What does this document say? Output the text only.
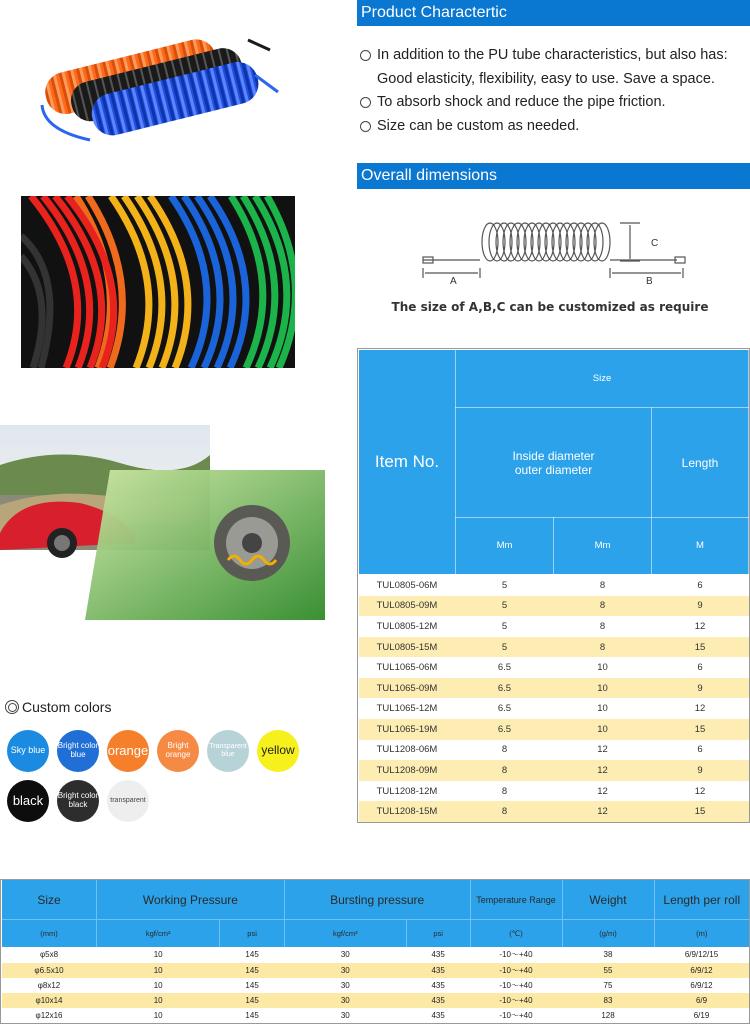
Product Charactertic
In addition to the PU tube characteristics, but also has:
Good elasticity, flexibility, easy to use. Save a space.
To absorb shock and reduce the pipe friction.
Size can be custom as needed.
Overall dimensions
A	B
C
The size of A,B,C can be customized as require
Item No.	Size		

	Inside diameter
outer diameter		Length
	Mm	Mm	M
TUL0805-06M	5	8	6
TUL0805-09M	5	8	9
TUL0805-12M	5	8	12
TUL0805-15M	5	8	15
TUL1065-06M	6.5	10	6
TUL1065-09M	6.5	10	9
TUL1065-12M	6.5	10	12
TUL1065-19M	6.5	10	15
TUL1208-06M	8	12	6
TUL1208-09M	8	12	9
TUL1208-12M	8	12	12
TUL1208-15M	8	12	15
Custom colors
Sky blue	Bright color blue	orange	Bright orange
Transparent blue	yellow
black	Bright color black	transparent
Size	Working Pressure		Bursting pressure		Temperature Range	Weight	Length per roll
(mm)	kgf/cm²	psi	kgf/cm²	psi	(℃)	(g/m)	(m)
φ5x8	10	145	30	435	-10～+40	38	6/9/12/15
φ6.5x10	10	145	30	435	-10～+40	55	6/9/12
φ8x12	10	145	30	435	-10～+40	75	6/9/12
φ10x14	10	145	30	435	-10～+40	83	6/9
φ12x16	10	145	30	435	-10～+40	128	6/19
